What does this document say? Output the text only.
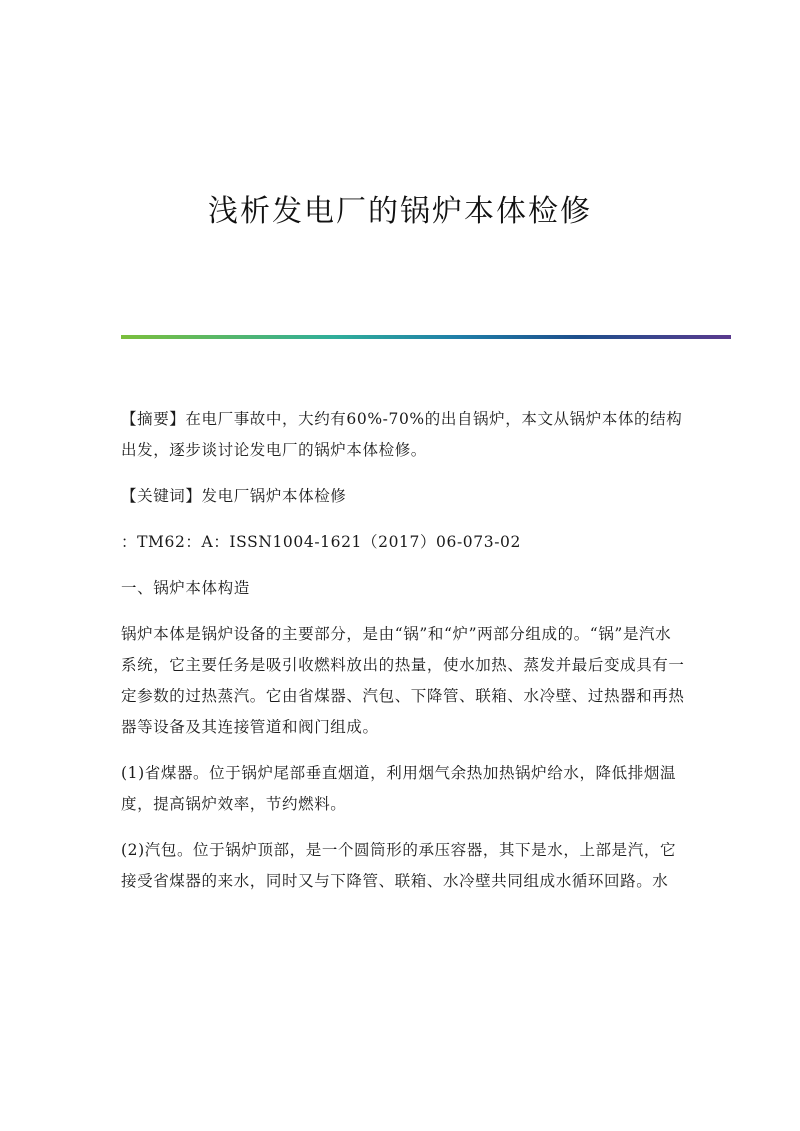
浅析发电厂的锅炉本体检修

【摘要】在电厂事故中，大约有60%-70%的出自锅炉，本文从锅炉本体的结构出发，逐步谈讨论发电厂的锅炉本体检修。

【关键词】发电厂锅炉本体检修

：TM62：A：ISSN1004-1621（2017）06-073-02

一、锅炉本体构造

锅炉本体是锅炉设备的主要部分，是由“锅”和“炉”两部分组成的。“锅”是汽水系统，它主要任务是吸引收燃料放出的热量，使水加热、蒸发并最后变成具有一定参数的过热蒸汽。它由省煤器、汽包、下降管、联箱、水冷壁、过热器和再热器等设备及其连接管道和阀门组成。

(1)省煤器。位于锅炉尾部垂直烟道，利用烟气余热加热锅炉给水，降低排烟温度，提高锅炉效率，节约燃料。

(2)汽包。位于锅炉顶部，是一个圆筒形的承压容器，其下是水，上部是汽，它接受省煤器的来水，同时又与下降管、联箱、水冷壁共同组成水循环回路。水
